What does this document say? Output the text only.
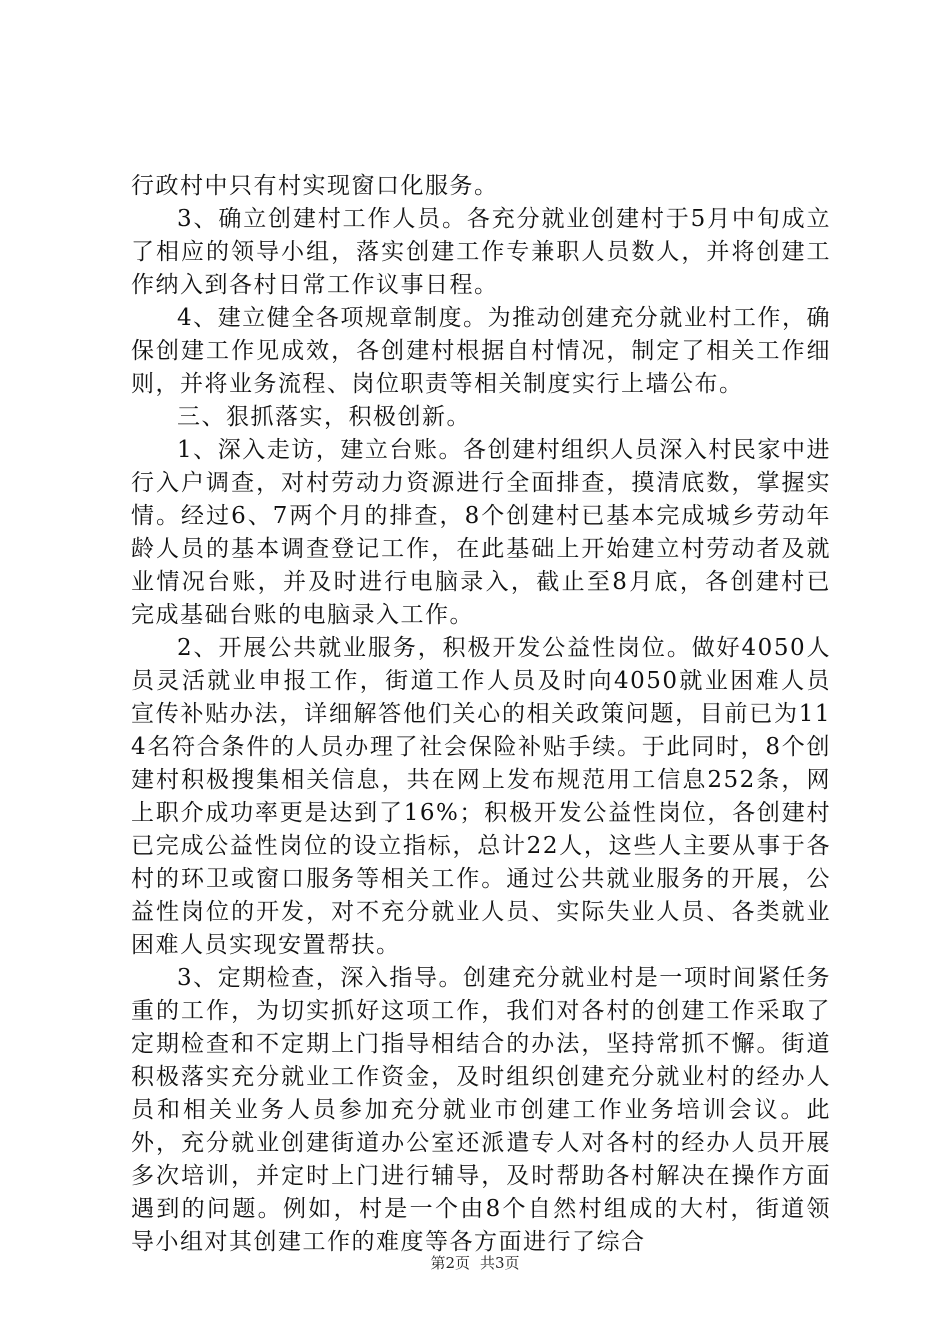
行政村中只有村实现窗口化服务。

3、确立创建村工作人员。各充分就业创建村于5月中旬成立了相应的领导小组，落实创建工作专兼职人员数人，并将创建工作纳入到各村日常工作议事日程。

4、建立健全各项规章制度。为推动创建充分就业村工作，确保创建工作见成效，各创建村根据自村情况，制定了相关工作细则，并将业务流程、岗位职责等相关制度实行上墙公布。

三、狠抓落实，积极创新。

1、深入走访，建立台账。各创建村组织人员深入村民家中进行入户调查，对村劳动力资源进行全面排查，摸清底数，掌握实情。经过6、7两个月的排查，8个创建村已基本完成城乡劳动年龄人员的基本调查登记工作，在此基础上开始建立村劳动者及就业情况台账，并及时进行电脑录入，截止至8月底，各创建村已完成基础台账的电脑录入工作。

2、开展公共就业服务，积极开发公益性岗位。做好4050人员灵活就业申报工作，街道工作人员及时向4050就业困难人员宣传补贴办法，详细解答他们关心的相关政策问题，目前已为114名符合条件的人员办理了社会保险补贴手续。于此同时，8个创建村积极搜集相关信息，共在网上发布规范用工信息252条，网上职介成功率更是达到了16%；积极开发公益性岗位，各创建村已完成公益性岗位的设立指标，总计22人，这些人主要从事于各村的环卫或窗口服务等相关工作。通过公共就业服务的开展，公益性岗位的开发，对不充分就业人员、实际失业人员、各类就业困难人员实现安置帮扶。

3、定期检查，深入指导。创建充分就业村是一项时间紧任务重的工作，为切实抓好这项工作，我们对各村的创建工作采取了定期检查和不定期上门指导相结合的办法，坚持常抓不懈。街道积极落实充分就业工作资金，及时组织创建充分就业村的经办人员和相关业务人员参加充分就业市创建工作业务培训会议。此外，充分就业创建街道办公室还派遣专人对各村的经办人员开展多次培训，并定时上门进行辅导，及时帮助各村解决在操作方面遇到的问题。例如，村是一个由8个自然村组成的大村，街道领导小组对其创建工作的难度等各方面进行了综合

第2页 共3页
